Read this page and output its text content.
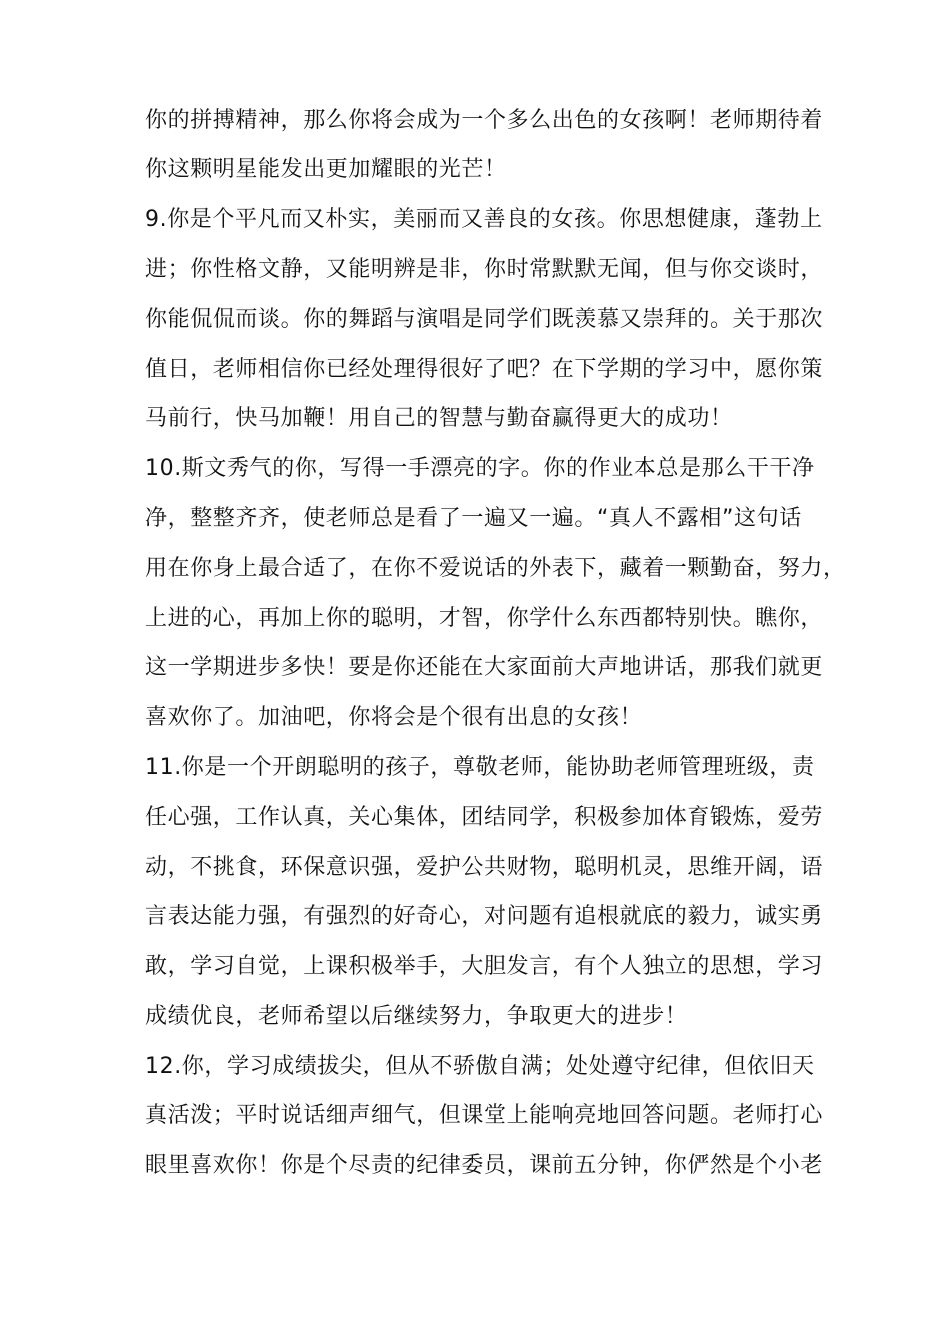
你的拼搏精神，那么你将会成为一个多么出色的女孩啊！老师期待着
你这颗明星能发出更加耀眼的光芒！
9.你是个平凡而又朴实，美丽而又善良的女孩。你思想健康，蓬勃上
进；你性格文静，又能明辨是非，你时常默默无闻，但与你交谈时，
你能侃侃而谈。你的舞蹈与演唱是同学们既羡慕又崇拜的。关于那次
值日，老师相信你已经处理得很好了吧？在下学期的学习中，愿你策
马前行，快马加鞭！用自己的智慧与勤奋赢得更大的成功！
10.斯文秀气的你，写得一手漂亮的字。你的作业本总是那么干干净
净，整整齐齐，使老师总是看了一遍又一遍。“真人不露相”这句话
用在你身上最合适了，在你不爱说话的外表下，藏着一颗勤奋，努力，
上进的心，再加上你的聪明，才智，你学什么东西都特别快。瞧你，
这一学期进步多快！要是你还能在大家面前大声地讲话，那我们就更
喜欢你了。加油吧，你将会是个很有出息的女孩！
11.你是一个开朗聪明的孩子，尊敬老师，能协助老师管理班级，责
任心强，工作认真，关心集体，团结同学，积极参加体育锻炼，爱劳
动，不挑食，环保意识强，爱护公共财物，聪明机灵，思维开阔，语
言表达能力强，有强烈的好奇心，对问题有追根就底的毅力，诚实勇
敢，学习自觉，上课积极举手，大胆发言，有个人独立的思想，学习
成绩优良，老师希望以后继续努力，争取更大的进步！
12.你，学习成绩拔尖，但从不骄傲自满；处处遵守纪律，但依旧天
真活泼；平时说话细声细气，但课堂上能响亮地回答问题。老师打心
眼里喜欢你！你是个尽责的纪律委员，课前五分钟，你俨然是个小老
